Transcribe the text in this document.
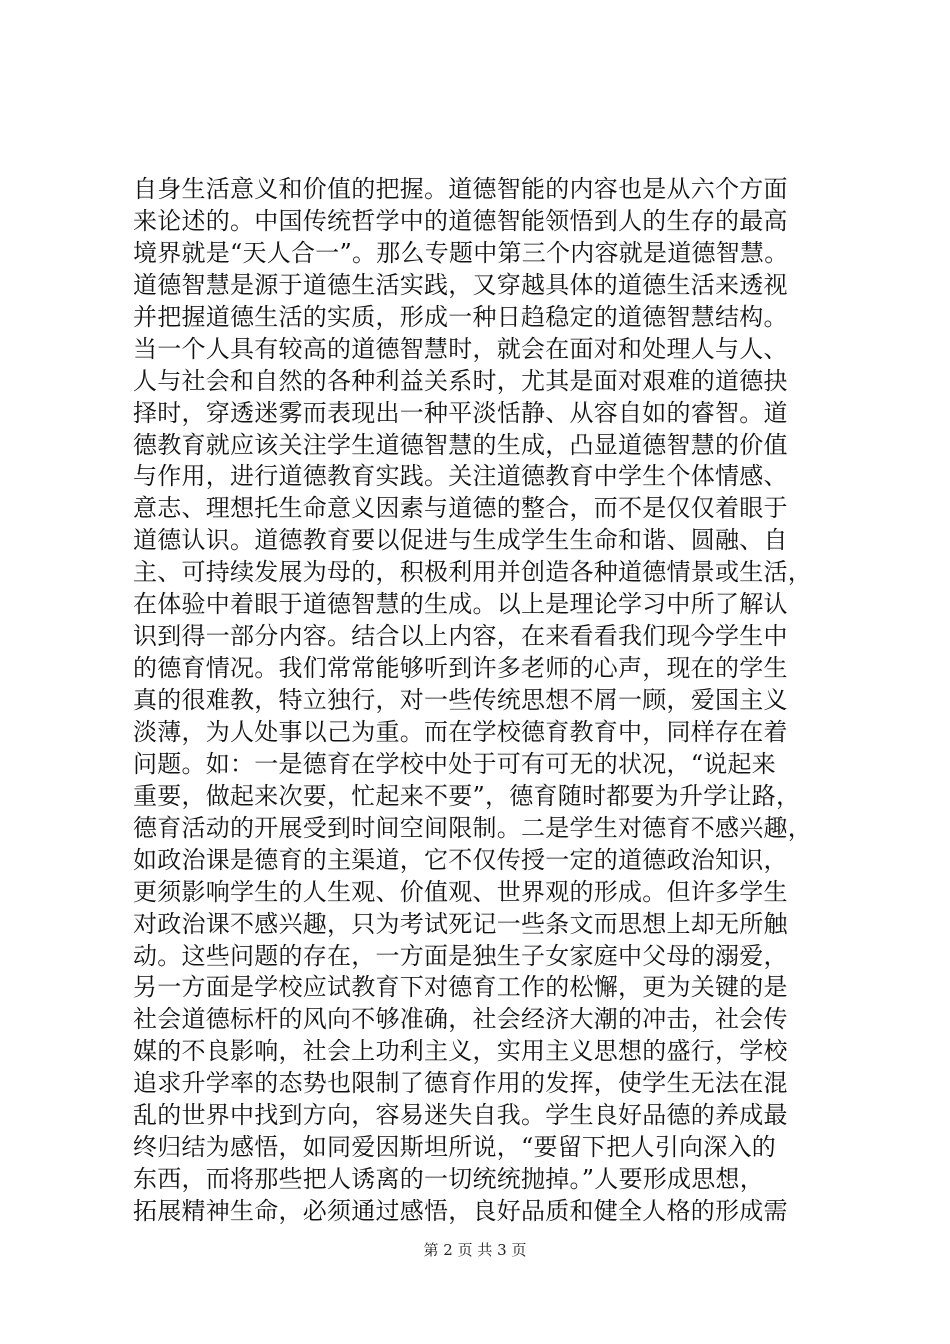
自身生活意义和价值的把握。道德智能的内容也是从六个方面
来论述的。中国传统哲学中的道德智能领悟到人的生存的最高
境界就是“天人合一”。那么专题中第三个内容就是道德智慧。
道德智慧是源于道德生活实践，又穿越具体的道德生活来透视
并把握道德生活的实质，形成一种日趋稳定的道德智慧结构。
当一个人具有较高的道德智慧时，就会在面对和处理人与人、
人与社会和自然的各种利益关系时，尤其是面对艰难的道德抉
择时，穿透迷雾而表现出一种平淡恬静、从容自如的睿智。道
德教育就应该关注学生道德智慧的生成，凸显道德智慧的价值
与作用，进行道德教育实践。关注道德教育中学生个体情感、
意志、理想托生命意义因素与道德的整合，而不是仅仅着眼于
道德认识。道德教育要以促进与生成学生生命和谐、圆融、自
主、可持续发展为母的，积极利用并创造各种道德情景或生活，
在体验中着眼于道德智慧的生成。以上是理论学习中所了解认
识到得一部分内容。结合以上内容，在来看看我们现今学生中
的德育情况。我们常常能够听到许多老师的心声，现在的学生
真的很难教，特立独行，对一些传统思想不屑一顾，爱国主义
淡薄，为人处事以己为重。而在学校德育教育中，同样存在着
问题。如：一是德育在学校中处于可有可无的状况，“说起来
重要，做起来次要，忙起来不要”，德育随时都要为升学让路，
德育活动的开展受到时间空间限制。二是学生对德育不感兴趣，
如政治课是德育的主渠道，它不仅传授一定的道德政治知识，
更须影响学生的人生观、价值观、世界观的形成。但许多学生
对政治课不感兴趣，只为考试死记一些条文而思想上却无所触
动。这些问题的存在，一方面是独生子女家庭中父母的溺爱，
另一方面是学校应试教育下对德育工作的松懈，更为关键的是
社会道德标杆的风向不够准确，社会经济大潮的冲击，社会传
媒的不良影响，社会上功利主义，实用主义思想的盛行，学校
追求升学率的态势也限制了德育作用的发挥，使学生无法在混
乱的世界中找到方向，容易迷失自我。学生良好品德的养成最
终归结为感悟，如同爱因斯坦所说，“要留下把人引向深入的
东西，而将那些把人诱离的一切统统抛掉。”人要形成思想，
拓展精神生命，必须通过感悟，良好品质和健全人格的形成需
第 2 页 共 3 页
